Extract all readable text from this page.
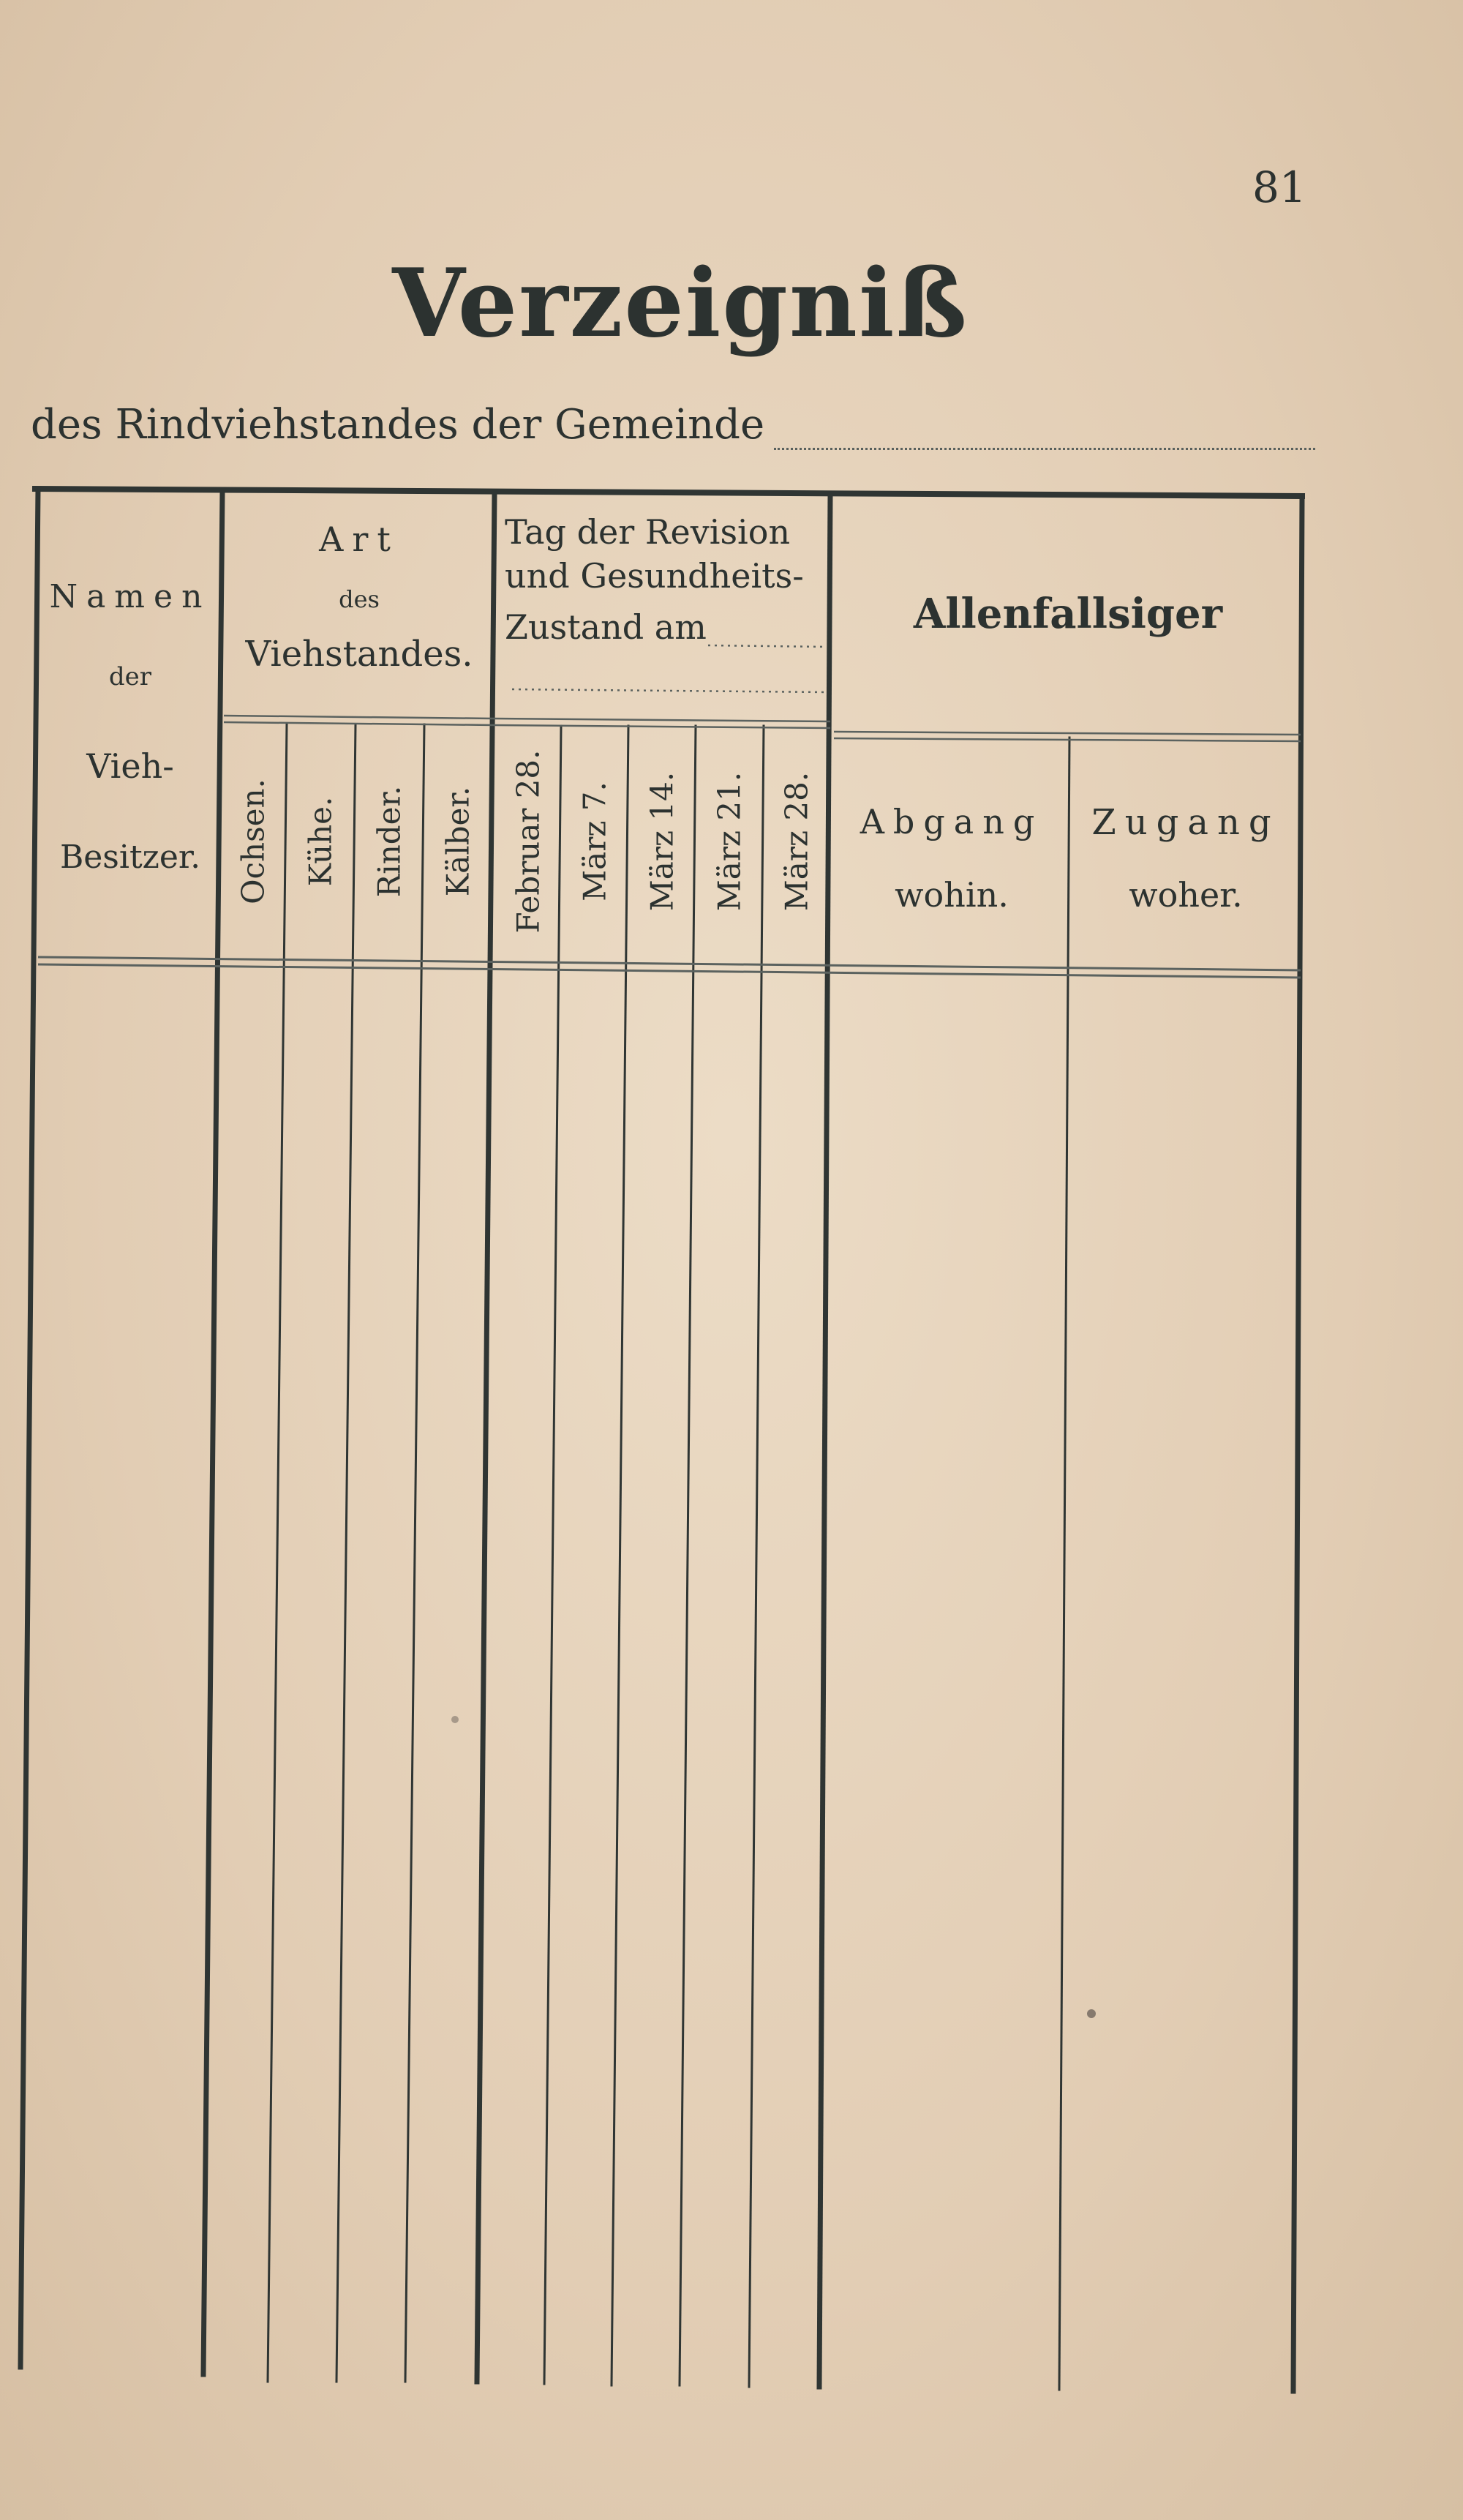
81
Verzeigniß
des Rindviehstandes der Gemeinde
Namen
der
Vieh-
Besitzer.
Art
des
Viehstandes.
Ochsen. Kühe. Rinder. Kälber.
Tag der Revision
und Gesundheits-
Zustand am
Februar 28. März 7. März 14. März 21. März 28.
Allenfallsiger
Abgang
wohin.
Zugang
woher.
